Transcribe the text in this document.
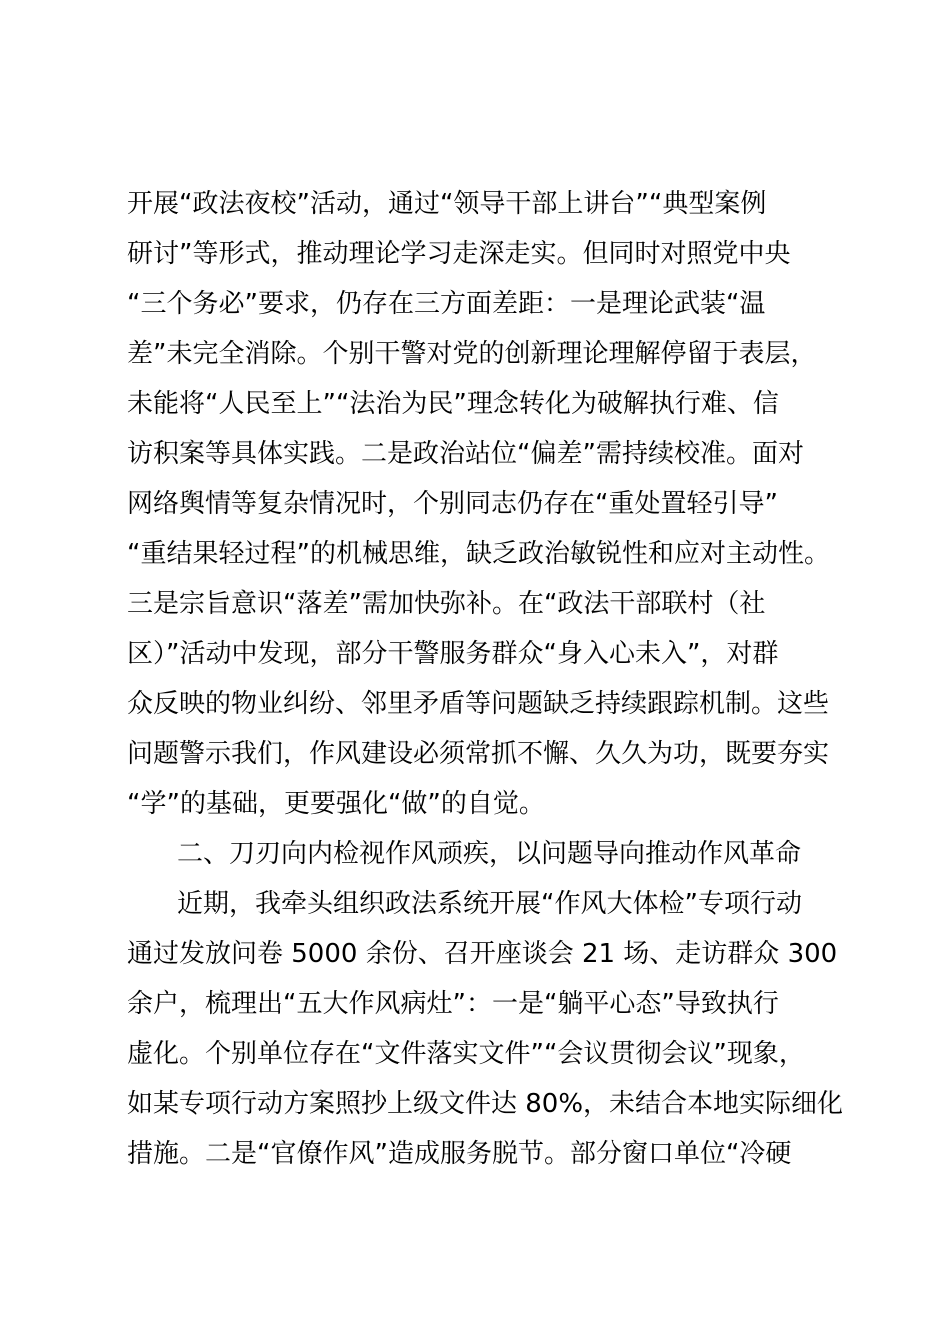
开展“政法夜校”活动，通过“领导干部上讲台”“典型案例
研讨”等形式，推动理论学习走深走实。但同时对照党中央
“三个务必”要求，仍存在三方面差距：一是理论武装“温
差”未完全消除。个别干警对党的创新理论理解停留于表层，
未能将“人民至上”“法治为民”理念转化为破解执行难、信
访积案等具体实践。二是政治站位“偏差”需持续校准。面对
网络舆情等复杂情况时，个别同志仍存在“重处置轻引导”
“重结果轻过程”的机械思维，缺乏政治敏锐性和应对主动性。
三是宗旨意识“落差”需加快弥补。在“政法干部联村（社
区）”活动中发现，部分干警服务群众“身入心未入”，对群
众反映的物业纠纷、邻里矛盾等问题缺乏持续跟踪机制。这些
问题警示我们，作风建设必须常抓不懈、久久为功，既要夯实
“学”的基础，更要强化“做”的自觉。
二、刀刃向内检视作风顽疾，以问题导向推动作风革命
近期，我牵头组织政法系统开展“作风大体检”专项行动
通过发放问卷 5000 余份、召开座谈会 21 场、走访群众 300
余户，梳理出“五大作风病灶”：一是“躺平心态”导致执行
虚化。个别单位存在“文件落实文件”“会议贯彻会议”现象，
如某专项行动方案照抄上级文件达 80%，未结合本地实际细化
措施。二是“官僚作风”造成服务脱节。部分窗口单位“冷硬
